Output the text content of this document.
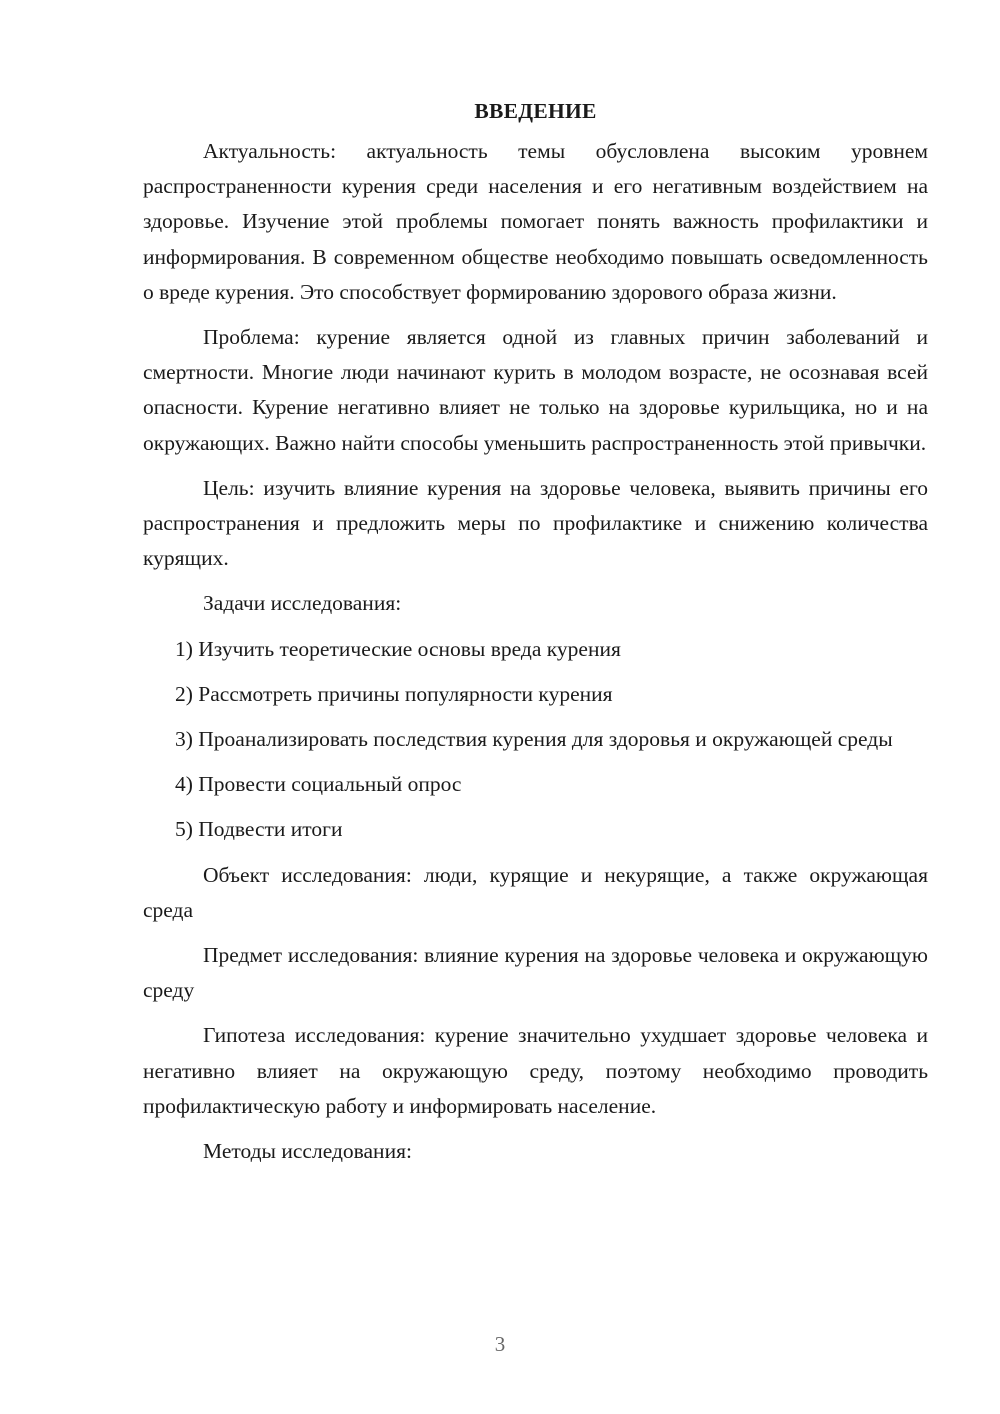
ВВЕДЕНИЕ

Актуальность: актуальность темы обусловлена высоким уровнем распространенности курения среди населения и его негативным воздействием на здоровье. Изучение этой проблемы помогает понять важность профилактики и информирования. В современном обществе необходимо повышать осведомленность о вреде курения. Это способствует формированию здорового образа жизни.

Проблема: курение является одной из главных причин заболеваний и смертности. Многие люди начинают курить в молодом возрасте, не осознавая всей опасности. Курение негативно влияет не только на здоровье курильщика, но и на окружающих. Важно найти способы уменьшить распространенность этой привычки.

Цель: изучить влияние курения на здоровье человека, выявить причины его распространения и предложить меры по профилактике и снижению количества курящих.

Задачи исследования:

1) Изучить теоретические основы вреда курения

2) Рассмотреть причины популярности курения

3) Проанализировать последствия курения для здоровья и окружающей среды

4) Провести социальный опрос

5) Подвести итоги

Объект исследования: люди, курящие и некурящие, а также окружающая среда

Предмет исследования: влияние курения на здоровье человека и окружающую среду

Гипотеза исследования: курение значительно ухудшает здоровье человека и негативно влияет на окружающую среду, поэтому необходимо проводить профилактическую работу и информировать население.

Методы исследования:

3
